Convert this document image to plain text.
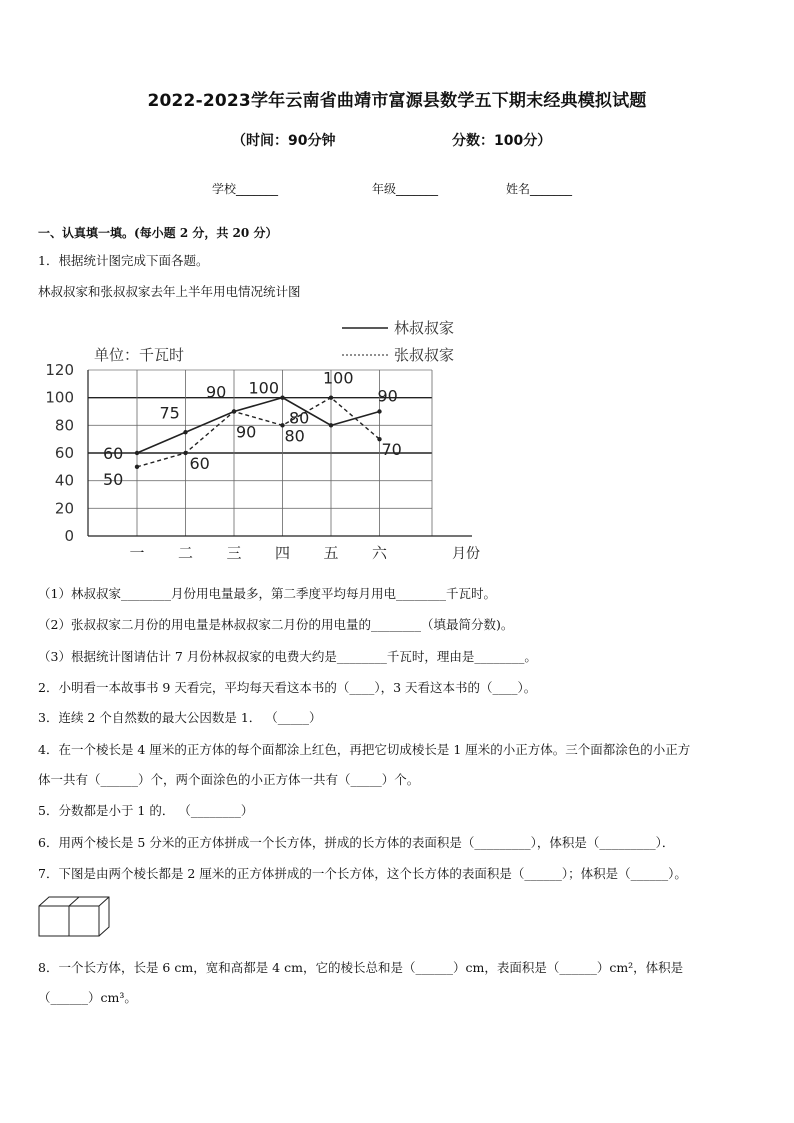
2022-2023学年云南省曲靖市富源县数学五下期末经典模拟试题
（时间：90分钟	分数：100分）
学校_______	年级_______	姓名_______
一、认真填一填。(每小题 2 分，共 20 分）
1．根据统计图完成下面各题。
林叔叔家和张叔叔家去年上半年用电情况统计图
0
20
40
60
80
100
120
一 二 三 四 五 六	月份
单位：千瓦时
林叔叔家
张叔叔家
60
75
90 100
80
90
50
60
90 80
100
70
（1）林叔叔家________月份用电量最多，第二季度平均每月用电________千瓦时。
（2）张叔叔家二月份的用电量是林叔叔家二月份的用电量的________（填最简分数)。
（3）根据统计图请估计 7 月份林叔叔家的电费大约是________千瓦时，理由是________。
2．小明看一本故事书 9 天看完，平均每天看这本书的（____），3 天看这本书的（____）。
3．连续 2 个自然数的最大公因数是 1． （_____）
4．在一个棱长是 4 厘米的正方体的每个面都涂上红色，再把它切成棱长是 1 厘米的小正方体。三个面都涂色的小正方
体一共有（______）个，两个面涂色的小正方体一共有（_____）个。
5．分数都是小于 1 的． （________）
6．用两个棱长是 5 分米的正方体拼成一个长方体，拼成的长方体的表面积是（_________），体积是（_________）．
7．下图是由两个棱长都是 2 厘米的正方体拼成的一个长方体，这个长方体的表面积是（______）；体积是（______）。
8．一个长方体，长是 6 cm，宽和高都是 4 cm，它的棱长总和是（______）cm，表面积是（______）cm²，体积是
（______）cm³。
